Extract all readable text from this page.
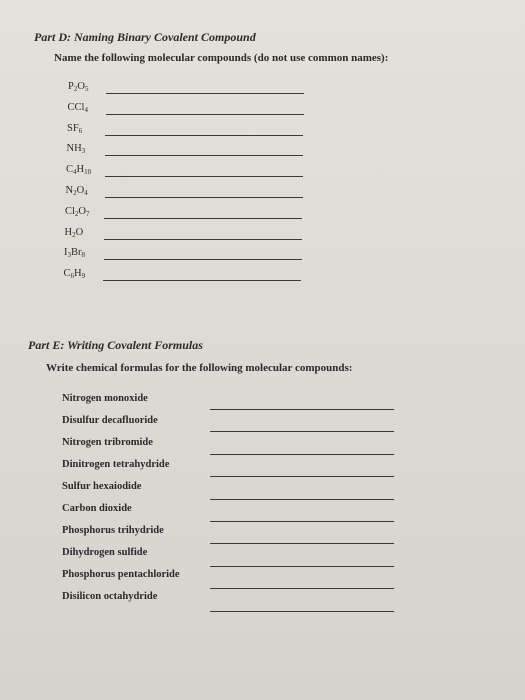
Part D: Naming Binary Covalent Compound
Name the following molecular compounds (do not use common names):
$P_2O_5$
CCl$_4$
$SF_6$
$NH_3$
$C_4H_{10}$
$N_2O_4$
$Cl_2O_7$
$H_2O$
$I_3Br_8$
$C_6H_9$
Part E: Writing Covalent Formulas
Write chemical formulas for the following molecular compounds:
Nitrogen monoxide
Disulfur decafluoride
Nitrogen tribromide
Dinitrogen tetrahydride
Sulfur hexaiodide
Carbon dioxide
Phosphorus trihydride
Dihydrogen sulfide
Phosphorus pentachloride
Disilicon octahydride
